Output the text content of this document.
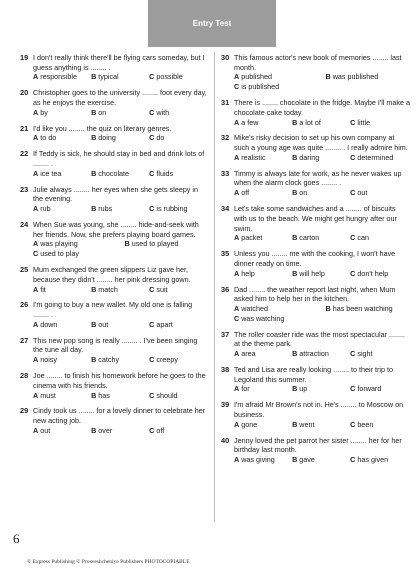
Entry Test
19 I don't really think there'll be flying cars someday, but I guess anything is ........ .
A responsible	B typical	C possible
20 Christopher goes to the university ........ foot every day, as he enjoys the exercise.
A by	B on	C with
21 I'd like you ........ the quiz on literary genres.
A to do	B doing	C do
22 If Teddy is sick, he should stay in bed and drink lots of ........ .
A ice tea	B chocolate	C fluids
23 Julie always ........ her eyes when she gets sleepy in the evening.
A rub	B rubs	C is rubbing
24 When Sue was young, she ........ hide-and-seek with her friends. Now, she prefers playing board games.
A was playing	B used to played
C used to play
25 Mum exchanged the green slippers Liz gave her, because they didn't ........ her pink dressing gown.
A fit	B match	C suit
26 I'm going to buy a new wallet. My old one is falling ........ .
A down	B out	C apart
27 This new pop song is really ........ . I've been singing the tune all day.
A noisy	B catchy	C creepy
28 Joe ........ to finish his homework before he goes to the cinema with his friends.
A must	B has	C should
29 Cindy took us ........ for a lovely dinner to celebrate her new acting job.
A out	B over	C off
30 This famous actor's new book of memories ........ last month.
A published	B was published
C is published
31 There is ........ chocolate in the fridge. Maybe I'll make a chocolate cake today.
A a few	B a lot of	C little
32 Mike's risky decision to set up his own company at such a young age was quite ........ . I really admire him.
A realistic	B daring	C determined
33 Timmy is always late for work, as he never wakes up when the alarm clock goes ........ .
A off	B on	C out
34 Let's take some sandwiches and a ........ of biscuits with us to the beach. We might get hungry after our swim.
A packet	B carton	C can
35 Unless you ........ me with the cooking, I won't have dinner ready on time.
A help	B will help	C don't help
36 Dad ........ the weather report last night, when Mum asked him to help her in the kitchen.
A watched	B has been watching
C was watching
37 The roller coaster ride was the most spectacular ........ at the theme park.
A area	B attraction	C sight
38 Ted and Lisa are really looking ........ to their trip to Legoland this summer.
A for	B up	C forward
39 I'm afraid Mr Brown's not in. He's ........ to Moscow on business.
A gone	B went	C been
40 Jenny loved the pet parrot her sister ........ her for her birthday last month.
A was giving	B gave	C has given
6
© Express Publishing © Prosveshcheniye Publishers PHOTOCOPIABLE
